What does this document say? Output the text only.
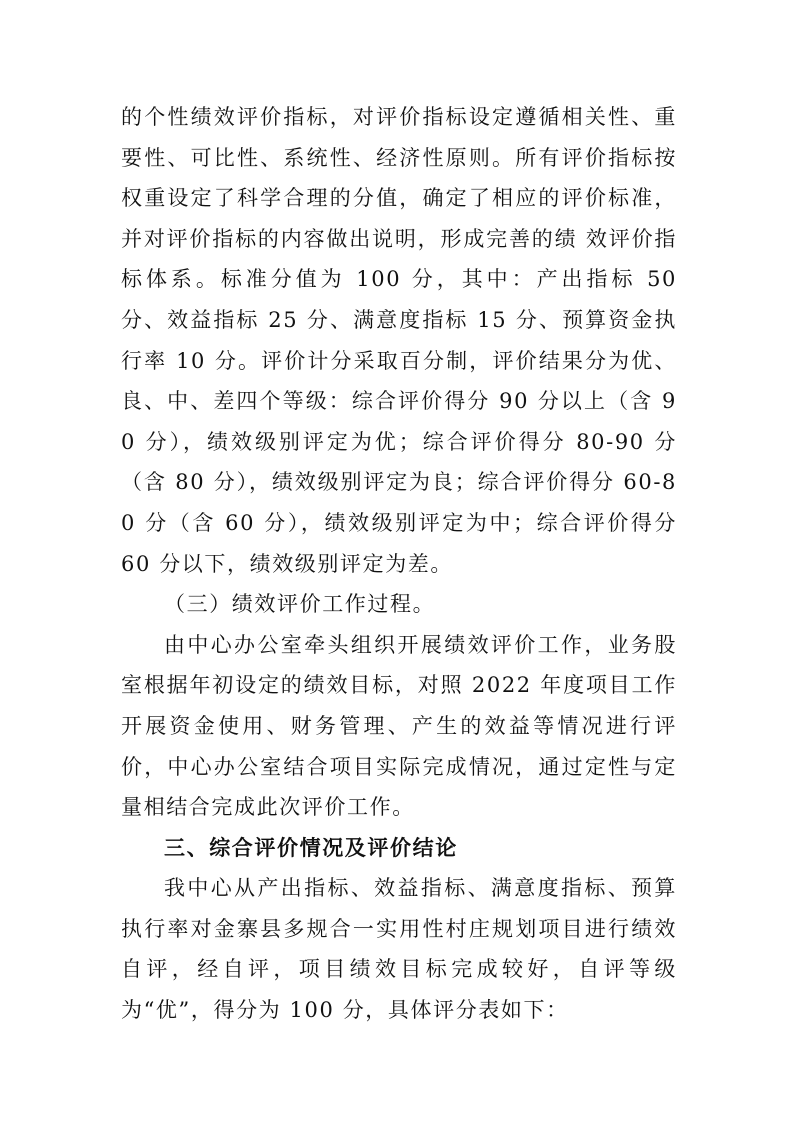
的个性绩效评价指标，对评价指标设定遵循相关性、重要性、可比性、系统性、经济性原则。所有评价指标按权重设定了科学合理的分值，确定了相应的评价标准，并对评价指标的内容做出说明，形成完善的绩 效评价指标体系。标准分值为 100 分，其中：产出指标 50 分、效益指标 25 分、满意度指标 15 分、预算资金执行率 10 分。评价计分采取百分制，评价结果分为优、良、中、差四个等级：综合评价得分 90 分以上（含 90 分），绩效级别评定为优；综合评价得分 80-90 分（含 80 分），绩效级别评定为良；综合评价得分 60-80 分（含 60 分），绩效级别评定为中；综合评价得分 60 分以下，绩效级别评定为差。

（三）绩效评价工作过程。

由中心办公室牵头组织开展绩效评价工作，业务股室根据年初设定的绩效目标，对照 2022 年度项目工作开展资金使用、财务管理、产生的效益等情况进行评价，中心办公室结合项目实际完成情况，通过定性与定量相结合完成此次评价工作。

三、综合评价情况及评价结论

我中心从产出指标、效益指标、满意度指标、预算执行率对金寨县多规合一实用性村庄规划项目进行绩效自评，经自评，项目绩效目标完成较好，自评等级为“优”，得分为 100 分，具体评分表如下：
